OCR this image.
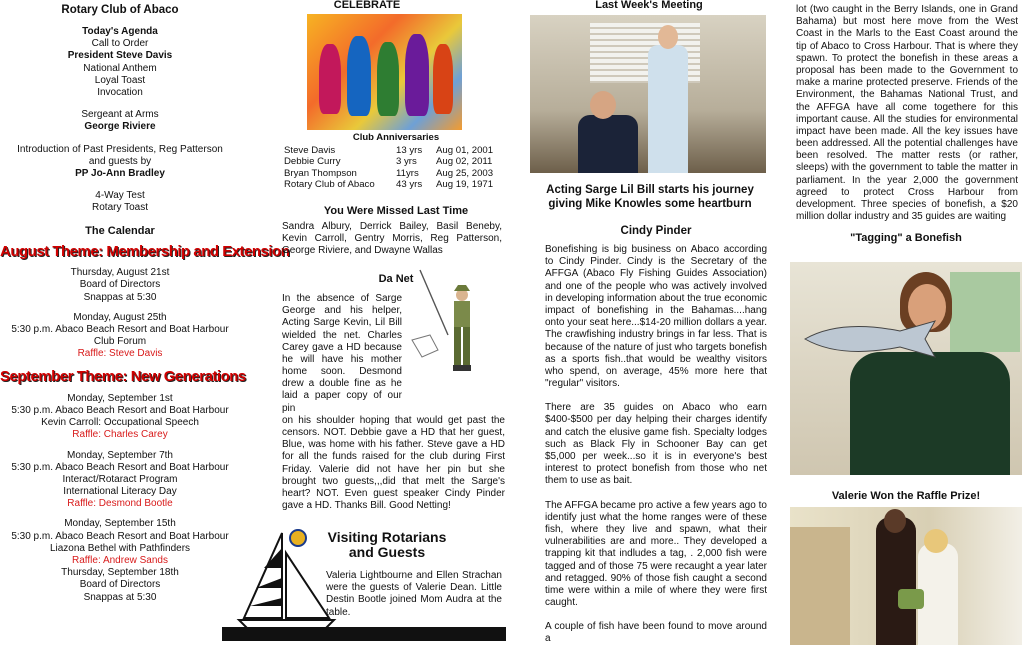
Rotary Club of Abaco

Today's Agenda

Call to Order

President Steve Davis

National Anthem

Loyal Toast

Invocation

Sergeant at Arms

George Riviere

Introduction of Past Presidents, Reg Patterson

and guests by

PP Jo-Ann Bradley

4-Way Test

Rotary Toast

The Calendar
August Theme: Membership and Extension

Thursday, August 21st

Board of Directors

Snappas at 5:30

Monday, August 25th

5:30 p.m. Abaco Beach Resort and Boat Harbour

Club Forum

Raffle: Steve Davis

September Theme: New Generations

Monday, September 1st

5:30 p.m. Abaco Beach Resort and Boat Harbour

Kevin Carroll: Occupational Speech

Raffle: Charles Carey

Monday, September 7th

5:30 p.m. Abaco Beach Resort and Boat Harbour

Interact/Rotaract Program

International Literacy Day

Raffle: Desmond Bootle

Monday, September 15th

5:30 p.m. Abaco Beach Resort and Boat Harbour

Liazona Bethel with Pathfinders

Raffle: Andrew Sands

Thursday, September 18th

Board of Directors

Snappas at 5:30

CELEBRATE
Club Anniversaries
Steve Davis	13 yrs	Aug 01, 2001
Debbie Curry	3 yrs	Aug 02, 2011
Bryan Thompson	11yrs	Aug 25, 2003
Rotary Club of Abaco	43 yrs	Aug 19, 1971
You Were Missed Last Time

Sandra Albury, Derrick Bailey, Basil Beneby, Kevin Carroll, Gentry Morris, Reg Patterson, George Riviere, and Dwayne Wallas

Da Net

In the absence of Sarge George and his helper, Acting Sarge Kevin, Lil Bill wielded the net. Charles Carey gave a HD because he will have his mother home soon. Desmond drew a double fine as he laid a paper copy of our pin

on his shoulder hoping that would get past the censors. NOT. Debbie gave a HD that her guest, Blue, was home with his father. Steve gave a HD for all the funds raised for the club during First Friday. Valerie did not have her pin but she brought two guests,,,did that melt the Sarge's heart? NOT. Even guest speaker Cindy Pinder gave a HD. Thanks Bill. Good Netting!

Visiting Rotarians and Guests

Valeria Lightbourne and Ellen Strachan were the guests of Valerie Dean. Little Destin Bootle joined Mom Audra at the table.

Last Week's Meeting
Acting Sarge Lil Bill starts his journey giving Mike Knowles some heartburn
Cindy Pinder

Bonefishing is big business on Abaco according to Cindy Pinder. Cindy is the Secretary of the AFFGA (Abaco Fly Fishing Guides Association) and one of the people who was actively involved in developing information about the true economic impact of bonefishing in the Bahamas....hang onto your seat here...$14-20 million dollars a year. The crawfishing industry brings in far less. That is because of the nature of just who targets bonefish as a sports fish..that would be wealthy visitors who spend, on average, 45% more here that "regular" visitors.

There are 35 guides on Abaco who earn $400-$500 per day helping their charges identify and catch the elusive game fish. Specialty lodges such as Black Fly in Schooner Bay can get $5,000 per week...so it is in everyone's best interest to protect bonefish from those who net them to use as bait.

The AFFGA became pro active a few years ago to identify just what the home ranges were of these fish, where they live and spawn, what their vulnerabilities are and more.. They developed a trapping kit that indludes a tag, . 2,000 fish were tagged and of those 75 were recaught a year later and retagged. 90% of those fish caught a second time were within a mile of where they were first caught.

A couple of fish have been found to move around a

lot (two caught in the Berry Islands, one in Grand Bahama) but most here move from the West Coast in the Marls to the East Coast around the tip of Abaco to Cross Harbour. That is where they spawn. To protect the bonefish in these areas a proposal has been made to the Government to make a marine protected preserve. Friends of the Environment, the Bahamas National Trust, and the AFFGA have all come togethere for this important cause. All the studies for environmental impact have been made. All the key issues have been addressed. All the potential challenges have been resolved. The matter rests (or rather, sleeps) with the government to table the matter in parliament. In the year 2,000 the government agreed to protect Cross Harbour from development. Three species of bonefish, a $20 million dollar industry and 35 guides are waiting

"Tagging" a Bonefish
Valerie Won the Raffle Prize!
